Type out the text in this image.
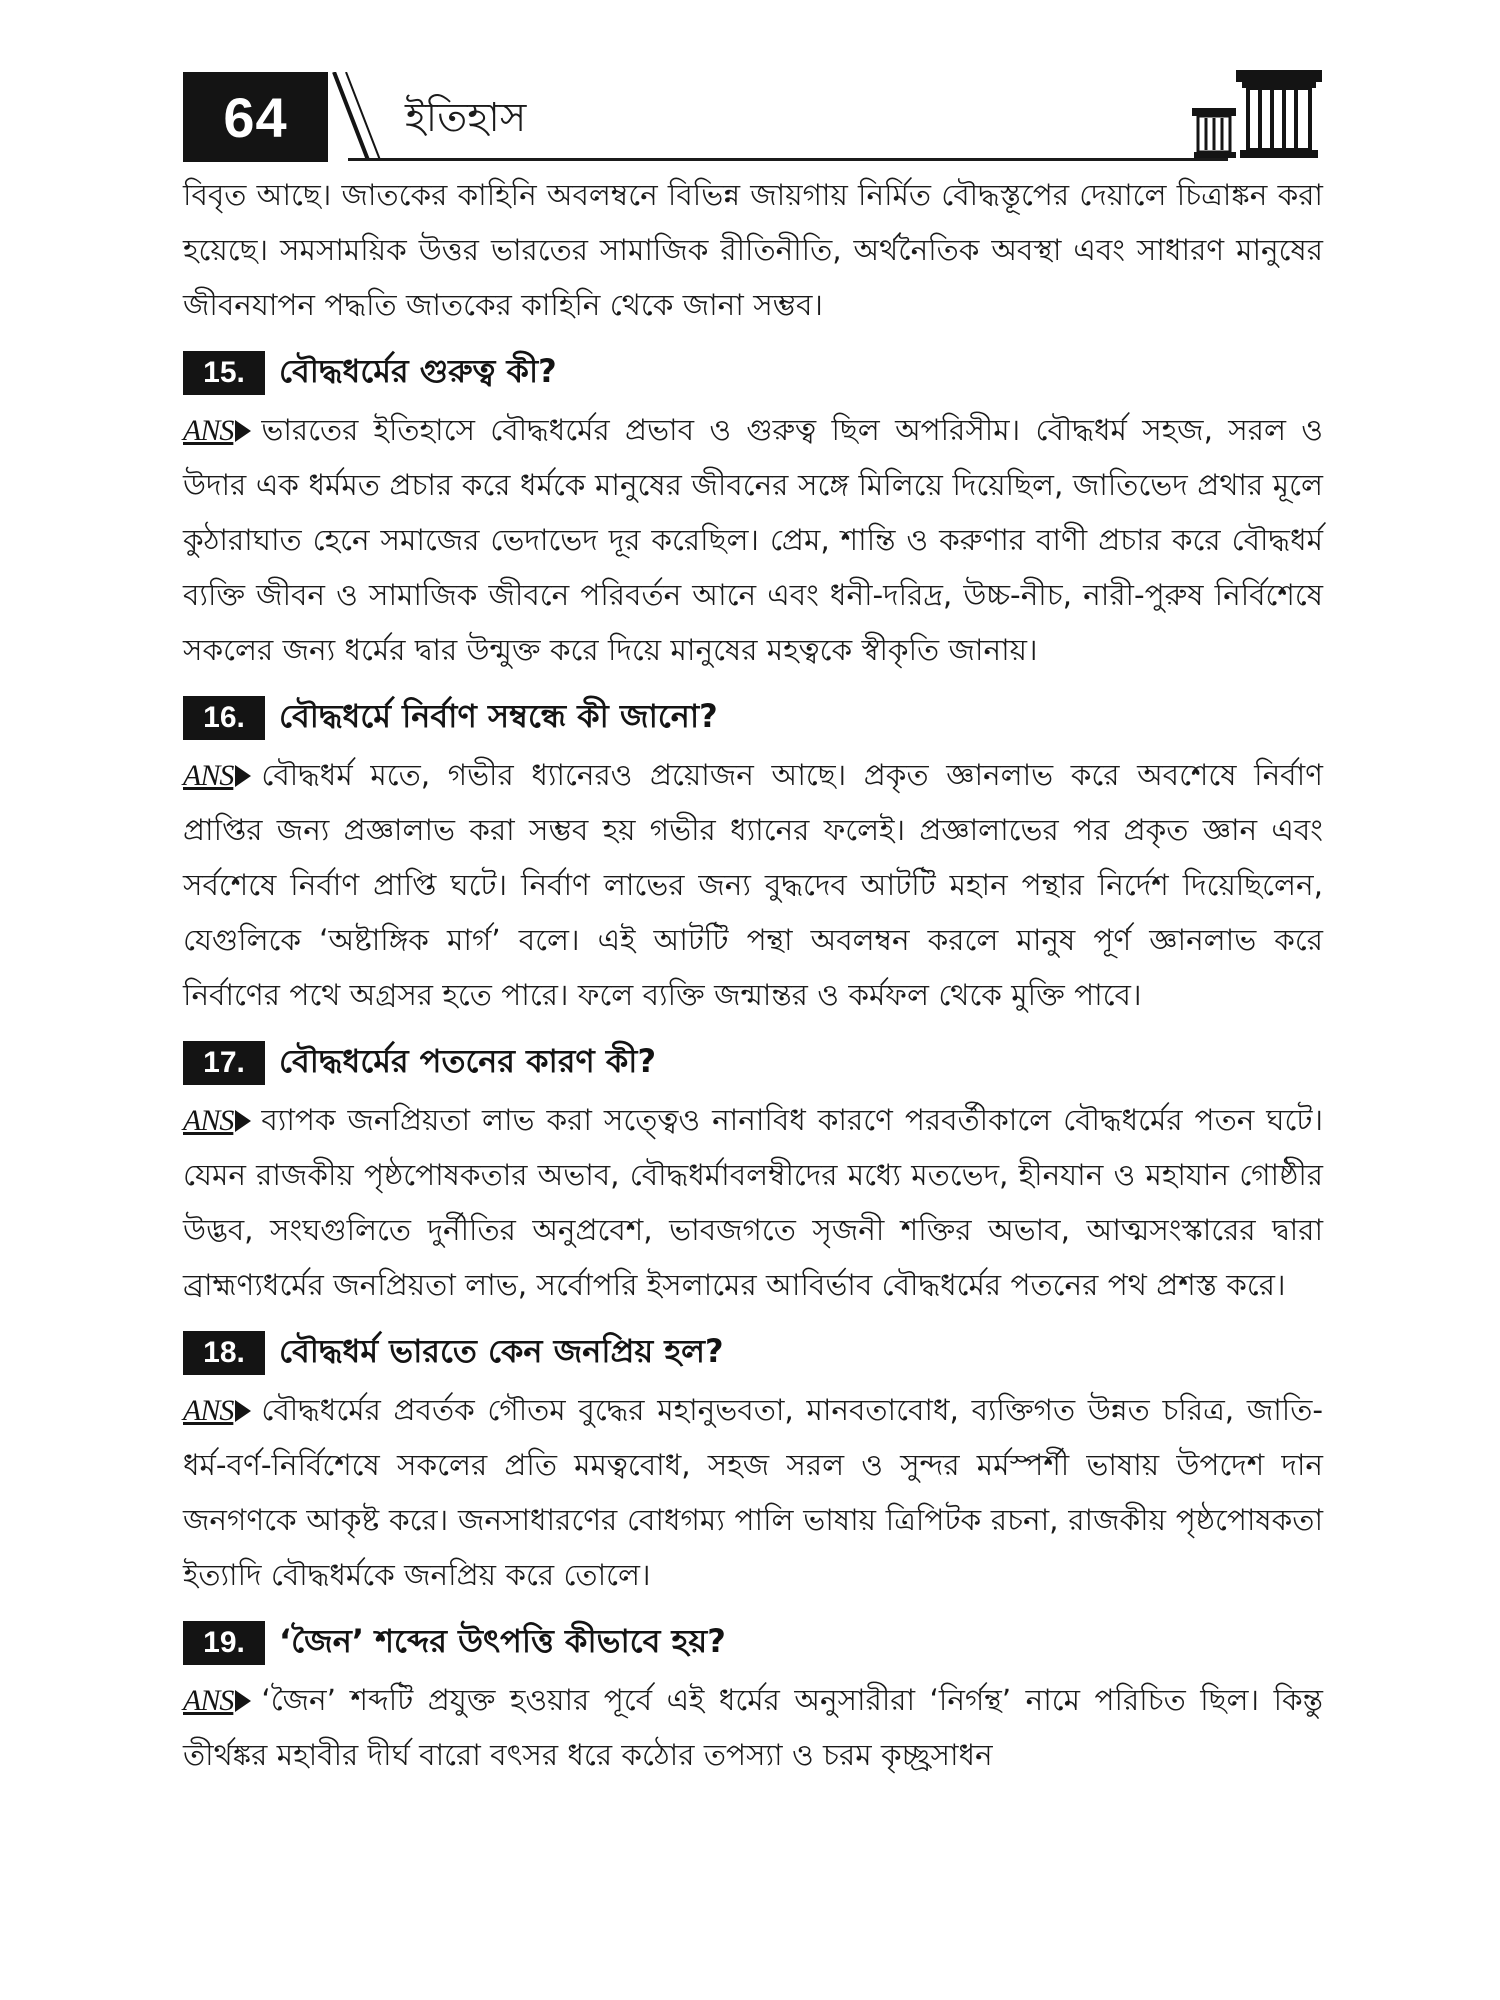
64	ইতিহাস

বিবৃত আছে। জাতকের কাহিনি অবলম্বনে বিভিন্ন জায়গায় নির্মিত বৌদ্ধস্তূপের দেয়ালে চিত্রাঙ্কন করা হয়েছে। সমসাময়িক উত্তর ভারতের সামাজিক রীতিনীতি, অর্থনৈতিক অবস্থা এবং সাধারণ মানুষের জীবনযাপন পদ্ধতি জাতকের কাহিনি থেকে জানা সম্ভব।

15.	বৌদ্ধধর্মের গুরুত্ব কী?

ANS ভারতের ইতিহাসে বৌদ্ধধর্মের প্রভাব ও গুরুত্ব ছিল অপরিসীম। বৌদ্ধধর্ম সহজ, সরল ও উদার এক ধর্মমত প্রচার করে ধর্মকে মানুষের জীবনের সঙ্গে মিলিয়ে দিয়েছিল, জাতিভেদ প্রথার মূলে কুঠারাঘাত হেনে সমাজের ভেদাভেদ দূর করেছিল। প্রেম, শান্তি ও করুণার বাণী প্রচার করে বৌদ্ধধর্ম ব্যক্তি জীবন ও সামাজিক জীবনে পরিবর্তন আনে এবং ধনী-দরিদ্র, উচ্চ-নীচ, নারী-পুরুষ নির্বিশেষে সকলের জন্য ধর্মের দ্বার উন্মুক্ত করে দিয়ে মানুষের মহত্বকে স্বীকৃতি জানায়।

16.	বৌদ্ধধর্মে নির্বাণ সম্বন্ধে কী জানো?

ANS বৌদ্ধধর্ম মতে, গভীর ধ্যানেরও প্রয়োজন আছে। প্রকৃত জ্ঞানলাভ করে অবশেষে নির্বাণ প্রাপ্তির জন্য প্রজ্ঞালাভ করা সম্ভব হয় গভীর ধ্যানের ফলেই। প্রজ্ঞালাভের পর প্রকৃত জ্ঞান এবং সর্বশেষে নির্বাণ প্রাপ্তি ঘটে। নির্বাণ লাভের জন্য বুদ্ধদেব আটটি মহান পন্থার নির্দেশ দিয়েছিলেন, যেগুলিকে ‘অষ্টাঙ্গিক মার্গ’ বলে। এই আটটি পন্থা অবলম্বন করলে মানুষ পূর্ণ জ্ঞানলাভ করে নির্বাণের পথে অগ্রসর হতে পারে। ফলে ব্যক্তি জন্মান্তর ও কর্মফল থেকে মুক্তি পাবে।

17.	বৌদ্ধধর্মের পতনের কারণ কী?

ANS ব্যাপক জনপ্রিয়তা লাভ করা সত্ত্বেও নানাবিধ কারণে পরবর্তীকালে বৌদ্ধধর্মের পতন ঘটে। যেমন রাজকীয় পৃষ্ঠপোষকতার অভাব, বৌদ্ধধর্মাবলম্বীদের মধ্যে মতভেদ, হীনযান ও মহাযান গোষ্ঠীর উদ্ভব, সংঘগুলিতে দুর্নীতির অনুপ্রবেশ, ভাবজগতে সৃজনী শক্তির অভাব, আত্মসংস্কারের দ্বারা ব্রাহ্মণ্যধর্মের জনপ্রিয়তা লাভ, সর্বোপরি ইসলামের আবির্ভাব বৌদ্ধধর্মের পতনের পথ প্রশস্ত করে।

18.	বৌদ্ধধর্ম ভারতে কেন জনপ্রিয় হল?

ANS বৌদ্ধধর্মের প্রবর্তক গৌতম বুদ্ধের মহানুভবতা, মানবতাবোধ, ব্যক্তিগত উন্নত চরিত্র, জাতি-ধর্ম-বর্ণ-নির্বিশেষে সকলের প্রতি মমত্ববোধ, সহজ সরল ও সুন্দর মর্মস্পর্শী ভাষায় উপদেশ দান জনগণকে আকৃষ্ট করে। জনসাধারণের বোধগম্য পালি ভাষায় ত্রিপিটক রচনা, রাজকীয় পৃষ্ঠপোষকতা ইত্যাদি বৌদ্ধধর্মকে জনপ্রিয় করে তোলে।

19.	‘জৈন’ শব্দের উৎপত্তি কীভাবে হয়?

ANS ‘জৈন’ শব্দটি প্রযুক্ত হওয়ার পূর্বে এই ধর্মের অনুসারীরা ‘নির্গন্থ’ নামে পরিচিত ছিল। কিন্তু তীর্থঙ্কর মহাবীর দীর্ঘ বারো বৎসর ধরে কঠোর তপস্যা ও চরম কৃচ্ছ্রসাধন
